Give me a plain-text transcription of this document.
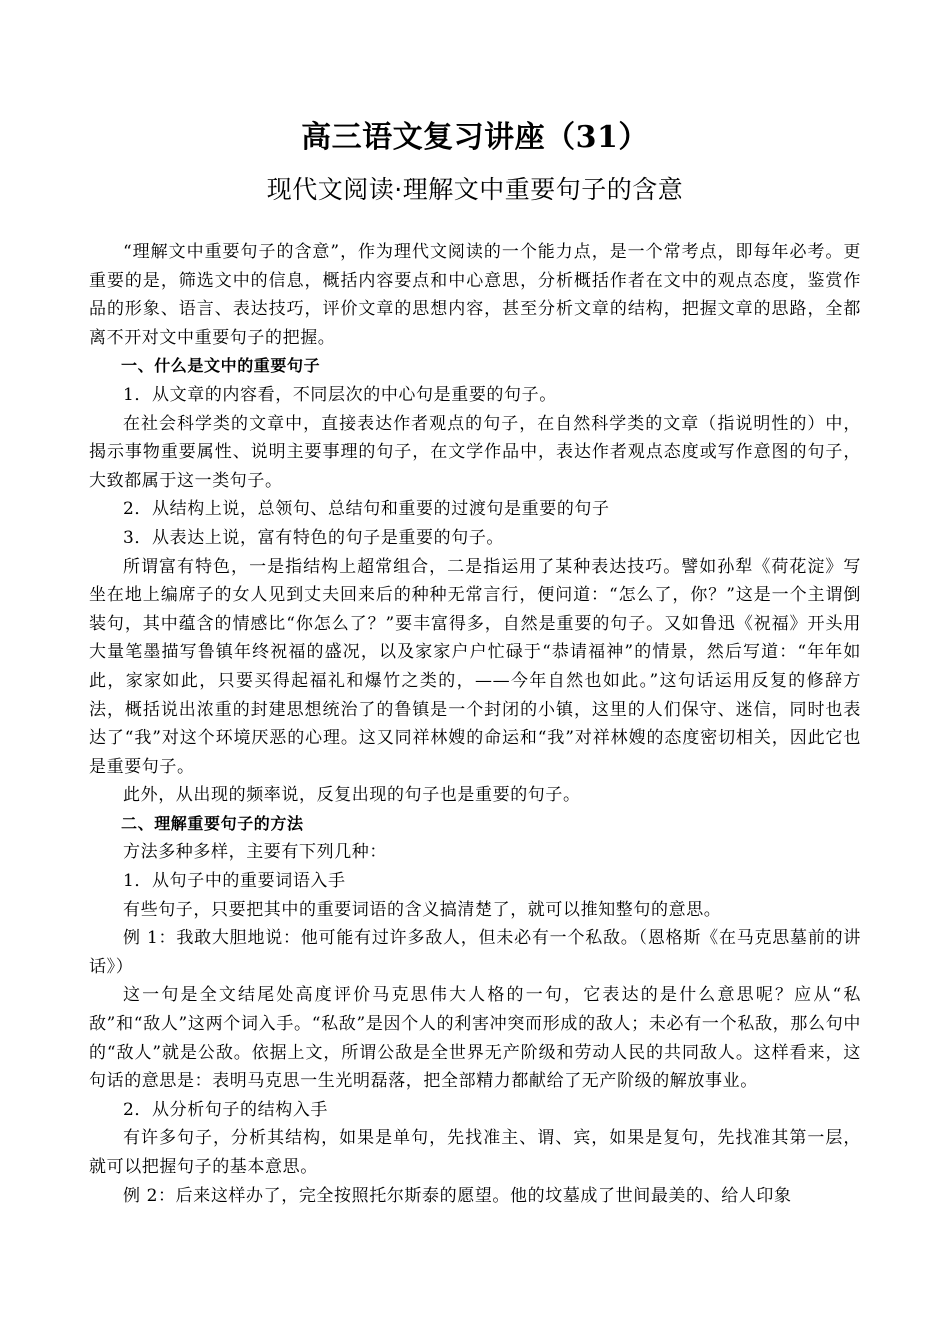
高三语文复习讲座（31）
现代文阅读·理解文中重要句子的含意

“理解文中重要句子的含意”，作为理代文阅读的一个能力点，是一个常考点，即每年必考。更重要的是，筛选文中的信息，概括内容要点和中心意思，分析概括作者在文中的观点态度，鉴赏作品的形象、语言、表达技巧，评价文章的思想内容，甚至分析文章的结构，把握文章的思路，全都离不开对文中重要句子的把握。

一、什么是文中的重要句子

1．从文章的内容看，不同层次的中心句是重要的句子。

在社会科学类的文章中，直接表达作者观点的句子，在自然科学类的文章（指说明性的）中，揭示事物重要属性、说明主要事理的句子，在文学作品中，表达作者观点态度或写作意图的句子，大致都属于这一类句子。

2．从结构上说，总领句、总结句和重要的过渡句是重要的句子

3．从表达上说，富有特色的句子是重要的句子。

所谓富有特色，一是指结构上超常组合，二是指运用了某种表达技巧。譬如孙犁《荷花淀》写坐在地上编席子的女人见到丈夫回来后的种种无常言行，便问道：“怎么了，你？”这是一个主谓倒装句，其中蕴含的情感比“你怎么了？”要丰富得多，自然是重要的句子。又如鲁迅《祝福》开头用大量笔墨描写鲁镇年终祝福的盛况，以及家家户户忙碌于“恭请福神”的情景，然后写道：“年年如此，家家如此，只要买得起福礼和爆竹之类的，——今年自然也如此。”这句话运用反复的修辞方法，概括说出浓重的封建思想统治了的鲁镇是一个封闭的小镇，这里的人们保守、迷信，同时也表达了“我”对这个环境厌恶的心理。这又同祥林嫂的命运和“我”对祥林嫂的态度密切相关，因此它也是重要句子。

此外，从出现的频率说，反复出现的句子也是重要的句子。

二、理解重要句子的方法

方法多种多样，主要有下列几种：

1．从句子中的重要词语入手

有些句子，只要把其中的重要词语的含义搞清楚了，就可以推知整句的意思。

例 1：我敢大胆地说：他可能有过许多敌人，但未必有一个私敌。（恩格斯《在马克思墓前的讲话》）

这一句是全文结尾处高度评价马克思伟大人格的一句，它表达的是什么意思呢？应从“私敌”和“敌人”这两个词入手。“私敌”是因个人的利害冲突而形成的敌人；未必有一个私敌，那么句中的“敌人”就是公敌。依据上文，所谓公敌是全世界无产阶级和劳动人民的共同敌人。这样看来，这句话的意思是：表明马克思一生光明磊落，把全部精力都献给了无产阶级的解放事业。

2．从分析句子的结构入手

有许多句子，分析其结构，如果是单句，先找准主、谓、宾，如果是复句，先找准其第一层，就可以把握句子的基本意思。

例 2：后来这样办了，完全按照托尔斯泰的愿望。他的坟墓成了世间最美的、给人印象
